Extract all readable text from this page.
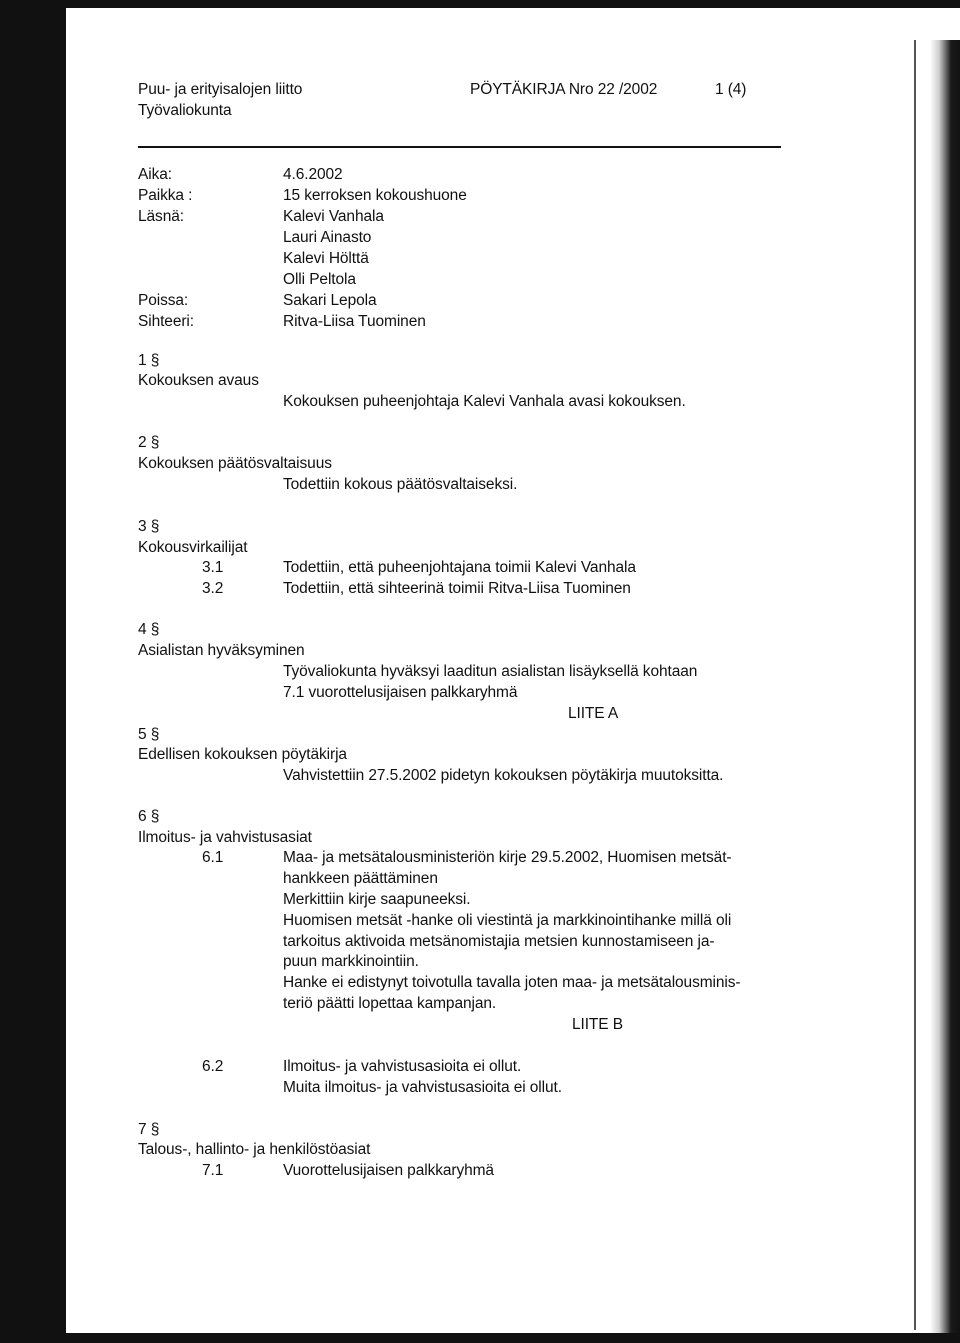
Puu- ja erityisalojen liitto
Työvaliokunta
PÖYTÄKIRJA Nro 22 /2002	1 (4)
Aika:	4.6.2002
Paikka :	15 kerroksen kokoushuone
Läsnä:	Kalevi Vanhala
Lauri Ainasto
Kalevi Hölttä
Olli Peltola
Poissa:	Sakari Lepola
Sihteeri:	Ritva-Liisa Tuominen
1 §
Kokouksen avaus
Kokouksen puheenjohtaja Kalevi Vanhala avasi kokouksen.
2 §
Kokouksen päätösvaltaisuus
Todettiin kokous päätösvaltaiseksi.
3 §
Kokousvirkailijat
3.1	Todettiin, että puheenjohtajana toimii Kalevi Vanhala
3.2	Todettiin, että sihteerinä toimii Ritva-Liisa Tuominen
4 §
Asialistan hyväksyminen
Työvaliokunta hyväksyi laaditun asialistan lisäyksellä kohtaan
7.1 vuorottelusijaisen palkkaryhmä
LIITE A
5 §
Edellisen kokouksen pöytäkirja
Vahvistettiin 27.5.2002 pidetyn kokouksen pöytäkirja muutoksitta.
6 §
Ilmoitus- ja vahvistusasiat
6.1	Maa- ja metsätalousministeriön kirje 29.5.2002, Huomisen metsät-
hankkeen päättäminen
Merkittiin kirje saapuneeksi.
Huomisen metsät -hanke oli viestintä ja markkinointihanke millä oli
tarkoitus aktivoida metsänomistajia metsien kunnostamiseen ja-
puun markkinointiin.
Hanke ei edistynyt toivotulla tavalla joten maa- ja metsätalousminis-
teriö päätti lopettaa kampanjan.
LIITE B
6.2	Ilmoitus- ja vahvistusasioita ei ollut.
Muita ilmoitus- ja vahvistusasioita ei ollut.
7 §
Talous-, hallinto- ja henkilöstöasiat
7.1	Vuorottelusijaisen palkkaryhmä
